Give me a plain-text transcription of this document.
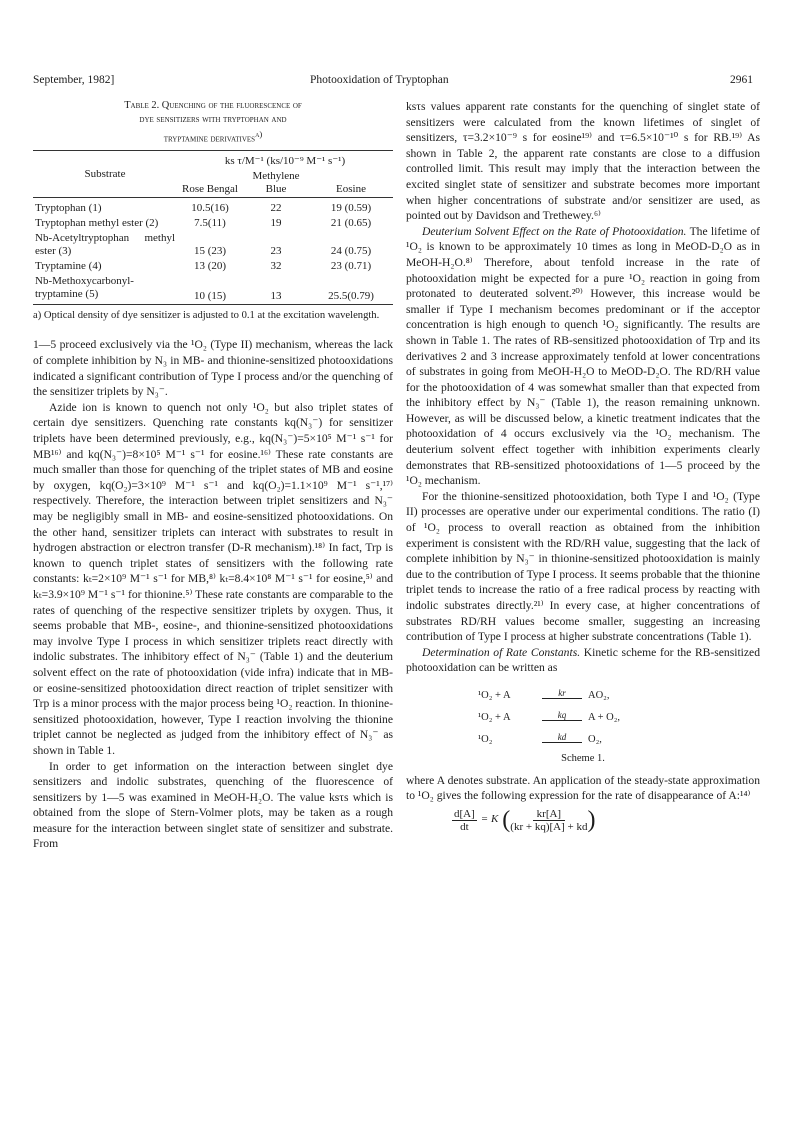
September, 1982]	Photooxidation of Tryptophan	2961
Table 2. Quenching of the fluorescence of
dye sensitizers with tryptophan and
tryptamine derivatives$^{a)}$
Substrate	ks τ/M⁻¹ (ks/10⁻⁹ M⁻¹ s⁻¹)		
	Rose Bengal	Methylene Blue	Eosine
Tryptophan (1)	10.5(16)	22	19 (0.59)
Tryptophan methyl ester (2)	7.5(11)	19	21 (0.65)
Nb-Acetyltryptophan methyl ester (3)	15 (23)	23	24 (0.75)
Tryptamine (4)	13 (20)	32	23 (0.71)
Nb-Methoxycarbonyl-tryptamine (5)	10 (15)	13	25.5(0.79)
a) Optical density of dye sensitizer is adjusted to 0.1 at the excitation wavelength.

1—5 proceed exclusively via the ¹O₂ (Type II) mechanism, whereas the lack of complete inhibition by N₃ in MB- and thionine-sensitized photooxidations indicated a significant contribution of Type I process and/or the quenching of the sensitizer triplets by N₃⁻.

Azide ion is known to quench not only ¹O₂ but also triplet states of certain dye sensitizers. Quenching rate constants kq(N₃⁻) for sensitizer triplets have been determined previously, e.g., kq(N₃⁻)=5×10⁵ M⁻¹ s⁻¹ for MB¹⁶⁾ and kq(N₃⁻)=8×10⁵ M⁻¹ s⁻¹ for eosine.¹⁶⁾ These rate constants are much smaller than those for quenching of the triplet states of MB and eosine by oxygen, kq(O₂)=3×10⁹ M⁻¹ s⁻¹ and kq(O₂)=1.1×10⁹ M⁻¹ s⁻¹,¹⁷⁾ respectively. Therefore, the interaction between triplet sensitizers and N₃⁻ may be negligibly small in MB- and eosine-sensitized photooxidations. On the other hand, sensitizer triplets can interact with substrates to result in hydrogen abstraction or electron transfer (D-R mechanism).¹⁸⁾ In fact, Trp is known to quench triplet states of sensitizers with the following rate constants: kₜ=2×10⁹ M⁻¹ s⁻¹ for MB,⁸⁾ kₜ=8.4×10⁸ M⁻¹ s⁻¹ for eosine,⁵⁾ and kₜ=3.9×10⁹ M⁻¹ s⁻¹ for thionine.⁵⁾ These rate constants are comparable to the rates of quenching of the respective sensitizer triplets by oxygen. Thus, it seems probable that MB-, eosine-, and thionine-sensitized photooxidations may involve Type I process in which sensitizer triplets react directly with indolic substrates. The inhibitory effect of N₃⁻ (Table 1) and the deuterium solvent effect on the rate of photooxidation (vide infra) indicate that in MB- or eosine-sensitized photooxidation direct reaction of triplet sensitizer with Trp is a minor process with the major process being ¹O₂ reaction. In thionine-sensitized photooxidation, however, Type I reaction involving the thionine triplet cannot be neglected as judged from the inhibitory effect of N₃⁻ as shown in Table 1.

In order to get information on the interaction between singlet dye sensitizers and indolic substrates, quenching of the fluorescence of sensitizers by 1—5 was examined in MeOH-H₂O. The value ksτs which is obtained from the slope of Stern-Volmer plots, may be taken as a rough measure for the interaction between singlet state of sensitizer and substrate. From

ksτs values apparent rate constants for the quenching of singlet state of sensitizers were calculated from the known lifetimes of singlet of sensitizers, τ=3.2×10⁻⁹ s for eosine¹⁹⁾ and τ=6.5×10⁻¹⁰ s for RB.¹⁹⁾ As shown in Table 2, the apparent rate constants are close to a diffusion controlled limit. This result may imply that the interaction between the excited singlet state of sensitizer and substrate becomes more important when higher concentrations of substrate and/or sensitizer are used, as pointed out by Davidson and Trethewey.⁶⁾

Deuterium Solvent Effect on the Rate of Photooxidation. The lifetime of ¹O₂ is known to be approximately 10 times as long in MeOD-D₂O as in MeOH-H₂O.⁸⁾ Therefore, about tenfold increase in the rate of photooxidation might be expected for a pure ¹O₂ reaction in going from protonated to deuterated solvent.²⁰⁾ However, this increase would be smaller if Type I mechanism becomes predominant or if the acceptor concentration is high enough to quench ¹O₂ significantly. The results are shown in Table 1. The rates of RB-sensitized photooxidation of Trp and its derivatives 2 and 3 increase approximately tenfold at lower concentrations of substrates in going from MeOH-H₂O to MeOD-D₂O. The RD/RH value for the photooxidation of 4 was somewhat smaller than that expected from the inhibitory effect by N₃⁻ (Table 1), the reason remaining unknown. However, as will be discussed below, a kinetic treatment indicates that the photooxidation of 4 occurs exclusively via the ¹O₂ mechanism. The deuterium solvent effect together with inhibition experiments clearly demonstrates that RB-sensitized photooxidations of 1—5 proceed by the ¹O₂ mechanism.

For the thionine-sensitized photooxidation, both Type I and ¹O₂ (Type II) processes are operative under our experimental conditions. The ratio (I) of ¹O₂ process to overall reaction as obtained from the inhibition experiment is consistent with the RD/RH value, suggesting that the lack of complete inhibition by N₃⁻ in thionine-sensitized photooxidation is mainly due to the contribution of Type I process. It seems probable that the thionine triplet tends to increase the ratio of a free radical process by reacting with indolic substrates directly.²¹⁾ In every case, at higher concentrations of substrates RD/RH values become smaller, suggesting an increasing contribution of Type I process at higher substrate concentrations (Table 1).

Determination of Rate Constants. Kinetic scheme for the RB-sensitized photooxidation can be written as

¹O₂ + A	kr	AO₂,
¹O₂ + A	kq	A + O₂,
¹O₂	kd	O₂,
Scheme 1.

where A denotes substrate. An application of the steady-state approximation to ¹O₂ gives the following expression for the rate of disappearance of A:¹⁴⁾

$\frac{d[A]}{dt} = K$ ( $\frac{kr[A]}{(kr + kq)[A] + kd}$ )
